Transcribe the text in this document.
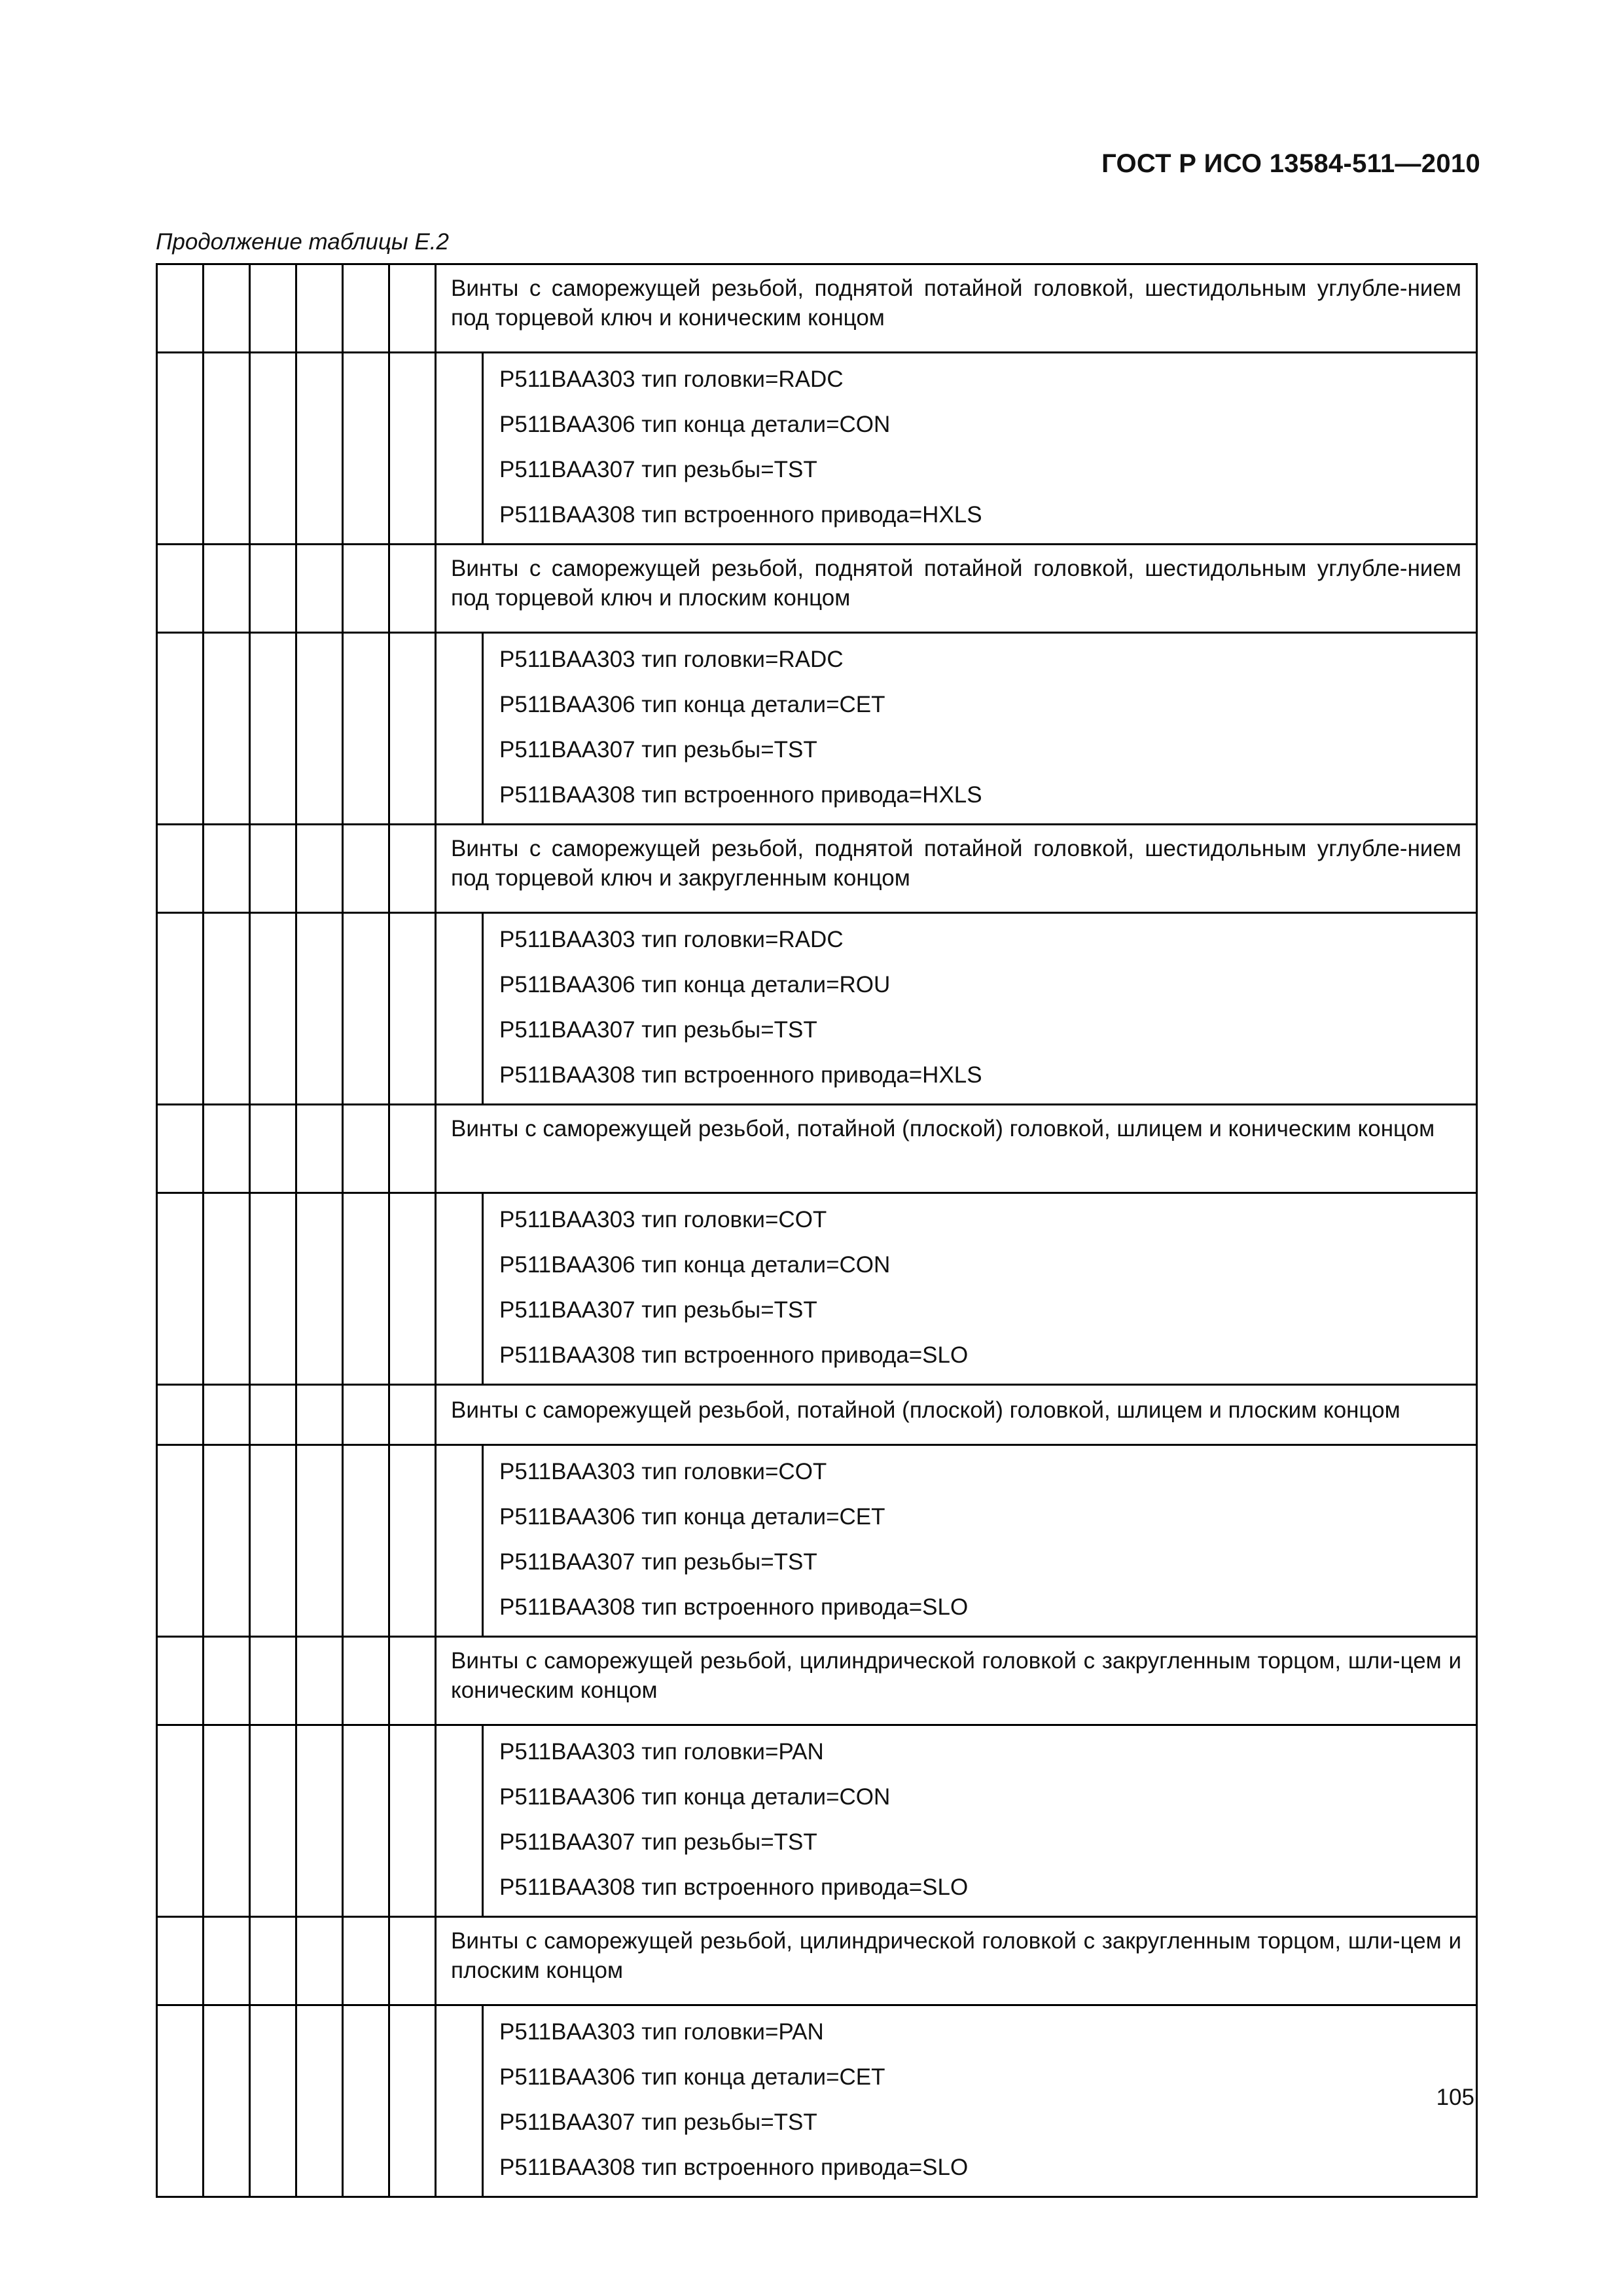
ГОСТ Р ИСО 13584-511—2010
Продолжение таблицы Е.2
						Винты с саморежущей резьбой, поднятой потайной головкой, шестидольным углубле-нием под торцевой ключ и коническим концом	

							P511BAA303 тип головки=RADC
P511BAA306 тип конца детали=CON
P511BAA307 тип резьбы=TST
P511BAA308 тип встроенного привода=HXLS

						Винты с саморежущей резьбой, поднятой потайной головкой, шестидольным углубле-нием под торцевой ключ и плоским концом	

							P511BAA303 тип головки=RADC
P511BAA306 тип конца детали=CET
P511BAA307 тип резьбы=TST
P511BAA308 тип встроенного привода=HXLS

						Винты с саморежущей резьбой, поднятой потайной головкой, шестидольным углубле-нием под торцевой ключ и закругленным концом	

							P511BAA303 тип головки=RADC
P511BAA306 тип конца детали=ROU
P511BAA307 тип резьбы=TST
P511BAA308 тип встроенного привода=HXLS

						Винты с саморежущей резьбой, потайной (плоской) головкой, шлицем и коническим концом	

							P511BAA303 тип головки=COT
P511BAA306 тип конца детали=CON
P511BAA307 тип резьбы=TST
P511BAA308 тип встроенного привода=SLO

						Винты с саморежущей резьбой, потайной (плоской) головкой, шлицем и плоским концом	

							P511BAA303 тип головки=COT
P511BAA306 тип конца детали=CET
P511BAA307 тип резьбы=TST
P511BAA308 тип встроенного привода=SLO

						Винты с саморежущей резьбой, цилиндрической головкой с закругленным торцом, шли-цем и коническим концом	

							P511BAA303 тип головки=PAN
P511BAA306 тип конца детали=CON
P511BAA307 тип резьбы=TST
P511BAA308 тип встроенного привода=SLO

						Винты с саморежущей резьбой, цилиндрической головкой с закругленным торцом, шли-цем и плоским концом	

							P511BAA303 тип головки=PAN
P511BAA306 тип конца детали=CET
P511BAA307 тип резьбы=TST
P511BAA308 тип встроенного привода=SLO
105
